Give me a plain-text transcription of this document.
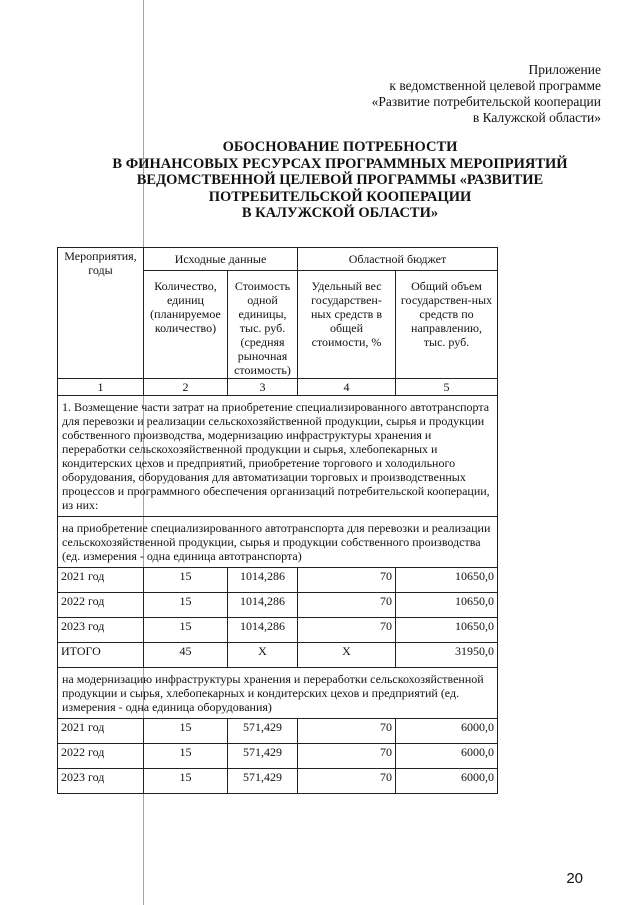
Приложение
к ведомственной целевой программе
«Развитие потребительской кооперации
в Калужской области»
ОБОСНОВАНИЕ ПОТРЕБНОСТИ
В ФИНАНСОВЫХ РЕСУРСАХ ПРОГРАММНЫХ МЕРОПРИЯТИЙ
ВЕДОМСТВЕННОЙ ЦЕЛЕВОЙ ПРОГРАММЫ «РАЗВИТИЕ
ПОТРЕБИТЕЛЬСКОЙ КООПЕРАЦИИ
В КАЛУЖСКОЙ ОБЛАСТИ»
Мероприятия, годы	Исходные данные		Областной бюджет	
	Количество, единиц (планируемое количество)	Стоимость одной единицы, тыс. руб. (средняя рыночная стоимость)	Удельный вес государствен-ных средств в общей стоимости, %	Общий объем государствен-ных средств по направлению, тыс. руб.
1	2	3	4	5
1. Возмещение части затрат на приобретение специализированного автотранспорта для перевозки и реализации сельскохозяйственной продукции, сырья и продукции собственного производства, модернизацию инфраструктуры хранения и переработки сельскохозяйственной продукции и сырья, хлебопекарных и кондитерских цехов и предприятий, приобретение торгового и холодильного оборудования, оборудования для автоматизации торговых и производственных процессов и программного обеспечения организаций потребительской кооперации, из них:				
на приобретение специализированного автотранспорта для перевозки и реализации сельскохозяйственной продукции, сырья и продукции собственного производства (ед. измерения - одна единица автотранспорта)				
2021 год	15	1014,286	70	10650,0
2022 год	15	1014,286	70	10650,0
2023 год	15	1014,286	70	10650,0
ИТОГО	45	Х	Х	31950,0
на модернизацию инфраструктуры хранения и переработки сельскохозяйственной продукции и сырья, хлебопекарных и кондитерских цехов и предприятий (ед. измерения - одна единица оборудования)				
2021 год	15	571,429	70	6000,0
2022 год	15	571,429	70	6000,0
2023 год	15	571,429	70	6000,0
20
